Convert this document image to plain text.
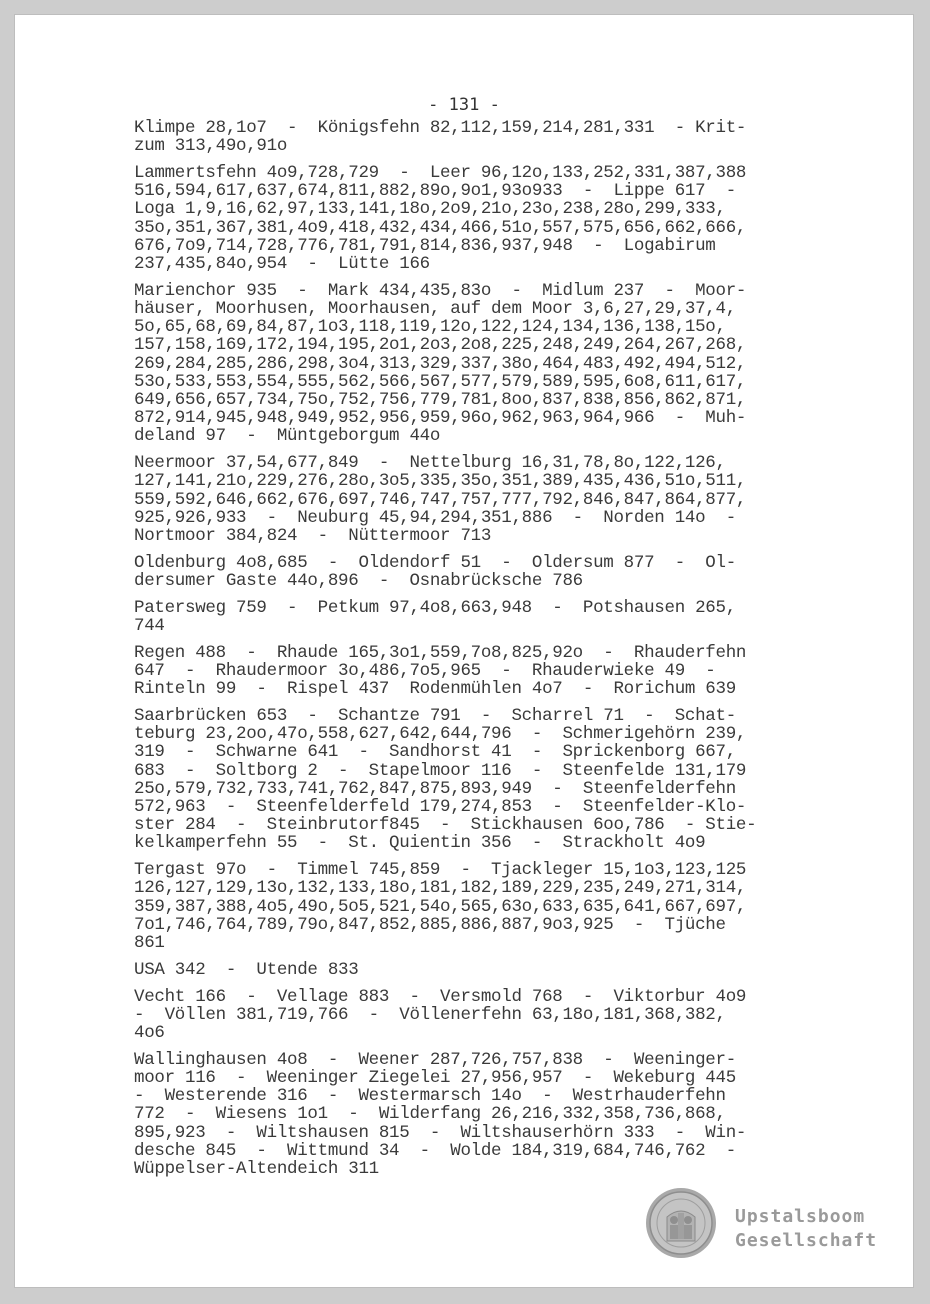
- 131 -
Klimpe 28,1o7  -  Königsfehn 82,112,159,214,281,331  - Krit-
zum 313,49o,91o
Lammertsfehn 4o9,728,729  -  Leer 96,12o,133,252,331,387,388
516,594,617,637,674,811,882,89o,9o1,93o933  -  Lippe 617  -
Loga 1,9,16,62,97,133,141,18o,2o9,21o,23o,238,28o,299,333,
35o,351,367,381,4o9,418,432,434,466,51o,557,575,656,662,666,
676,7o9,714,728,776,781,791,814,836,937,948  -  Logabirum
237,435,84o,954  -  Lütte 166
Marienchor 935  -  Mark 434,435,83o  -  Midlum 237  -  Moor-
häuser, Moorhusen, Moorhausen, auf dem Moor 3,6,27,29,37,4,
5o,65,68,69,84,87,1o3,118,119,12o,122,124,134,136,138,15o,
157,158,169,172,194,195,2o1,2o3,2o8,225,248,249,264,267,268,
269,284,285,286,298,3o4,313,329,337,38o,464,483,492,494,512,
53o,533,553,554,555,562,566,567,577,579,589,595,6o8,611,617,
649,656,657,734,75o,752,756,779,781,8oo,837,838,856,862,871,
872,914,945,948,949,952,956,959,96o,962,963,964,966  -  Muh-
deland 97  -  Müntgeborgum 44o
Neermoor 37,54,677,849  -  Nettelburg 16,31,78,8o,122,126,
127,141,21o,229,276,28o,3o5,335,35o,351,389,435,436,51o,511,
559,592,646,662,676,697,746,747,757,777,792,846,847,864,877,
925,926,933  -  Neuburg 45,94,294,351,886  -  Norden 14o  -
Nortmoor 384,824  -  Nüttermoor 713
Oldenburg 4o8,685  -  Oldendorf 51  -  Oldersum 877  -  Ol-
dersumer Gaste 44o,896  -  Osnabrücksche 786
Patersweg 759  -  Petkum 97,4o8,663,948  -  Potshausen 265,
744
Regen 488  -  Rhaude 165,3o1,559,7o8,825,92o  -  Rhauderfehn
647  -  Rhaudermoor 3o,486,7o5,965  -  Rhauderwieke 49  -
Rinteln 99  -  Rispel 437  Rodenmühlen 4o7  -  Rorichum 639
Saarbrücken 653  -  Schantze 791  -  Scharrel 71  -  Schat-
teburg 23,2oo,47o,558,627,642,644,796  -  Schmerigehörn 239,
319  -  Schwarne 641  -  Sandhorst 41  -  Sprickenborg 667,
683  -  Soltborg 2  -  Stapelmoor 116  -  Steenfelde 131,179
25o,579,732,733,741,762,847,875,893,949  -  Steenfelderfehn
572,963  -  Steenfelderfeld 179,274,853  -  Steenfelder-Klo-
ster 284  -  Steinbrutorf845  -  Stickhausen 6oo,786  - Stie-
kelkamperfehn 55  -  St. Quientin 356  -  Strackholt 4o9
Tergast 97o  -  Timmel 745,859  -  Tjackleger 15,1o3,123,125
126,127,129,13o,132,133,18o,181,182,189,229,235,249,271,314,
359,387,388,4o5,49o,5o5,521,54o,565,63o,633,635,641,667,697,
7o1,746,764,789,79o,847,852,885,886,887,9o3,925  -  Tjüche
861
USA 342  -  Utende 833
Vecht 166  -  Vellage 883  -  Versmold 768  -  Viktorbur 4o9
-  Völlen 381,719,766  -  Völlenerfehn 63,18o,181,368,382,
4o6
Wallinghausen 4o8  -  Weener 287,726,757,838  -  Weeninger-
moor 116  -  Weeninger Ziegelei 27,956,957  -  Wekeburg 445
-  Westerende 316  -  Westermarsch 14o  -  Westrhauderfehn
772  -  Wiesens 1o1  -  Wilderfang 26,216,332,358,736,868,
895,923  -  Wiltshausen 815  -  Wiltshauserhörn 333  -  Win-
desche 845  -  Wittmund 34  -  Wolde 184,319,684,746,762  -
Wüppelser-Altendeich 311
Upstalsboom
Gesellschaft
